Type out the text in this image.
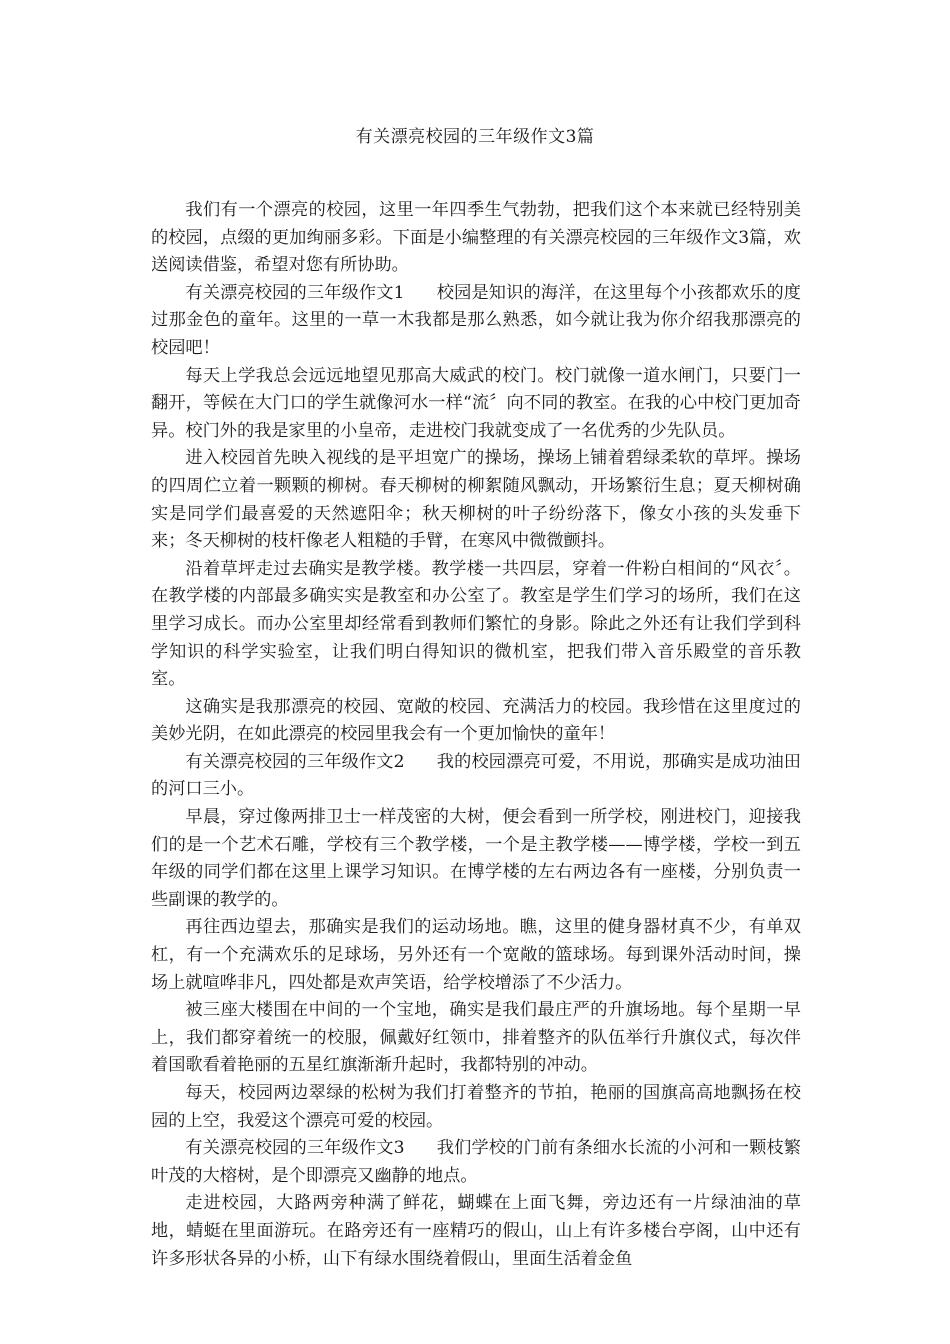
有关漂亮校园的三年级作文3篇

我们有一个漂亮的校园，这里一年四季生气勃勃，把我们这个本来就已经特别美的校园，点缀的更加绚丽多彩。下面是小编整理的有关漂亮校园的三年级作文3篇，欢送阅读借鉴，希望对您有所协助。

有关漂亮校园的三年级作文1 校园是知识的海洋，在这里每个小孩都欢乐的度过那金色的童年。这里的一草一木我都是那么熟悉，如今就让我为你介绍我那漂亮的校园吧！

每天上学我总会远远地望见那高大威武的校门。校门就像一道水闸门，只要门一翻开，等候在大门口的学生就像河水一样“流〞向不同的教室。在我的心中校门更加奇异。校门外的我是家里的小皇帝，走进校门我就变成了一名优秀的少先队员。

进入校园首先映入视线的是平坦宽广的操场，操场上铺着碧绿柔软的草坪。操场的四周伫立着一颗颗的柳树。春天柳树的柳絮随风飘动，开场繁衍生息；夏天柳树确实是同学们最喜爱的天然遮阳伞；秋天柳树的叶子纷纷落下，像女小孩的头发垂下来；冬天柳树的枝杆像老人粗糙的手臂，在寒风中微微颤抖。

沿着草坪走过去确实是教学楼。教学楼一共四层，穿着一件粉白相间的“风衣〞。在教学楼的内部最多确实实是教室和办公室了。教室是学生们学习的场所，我们在这里学习成长。而办公室里却经常看到教师们繁忙的身影。除此之外还有让我们学到科学知识的科学实验室，让我们明白得知识的微机室，把我们带入音乐殿堂的音乐教室。

这确实是我那漂亮的校园、宽敞的校园、充满活力的校园。我珍惜在这里度过的美妙光阴，在如此漂亮的校园里我会有一个更加愉快的童年！

有关漂亮校园的三年级作文2 我的校园漂亮可爱，不用说，那确实是成功油田的河口三小。

早晨，穿过像两排卫士一样茂密的大树，便会看到一所学校，刚进校门，迎接我们的是一个艺术石雕，学校有三个教学楼，一个是主教学楼——博学楼，学校一到五年级的同学们都在这里上课学习知识。在博学楼的左右两边各有一座楼，分别负责一些副课的教学的。

再往西边望去，那确实是我们的运动场地。瞧，这里的健身器材真不少，有单双杠，有一个充满欢乐的足球场，另外还有一个宽敞的篮球场。每到课外活动时间，操场上就喧哗非凡，四处都是欢声笑语，给学校增添了不少活力。

被三座大楼围在中间的一个宝地，确实是我们最庄严的升旗场地。每个星期一早上，我们都穿着统一的校服，佩戴好红领巾，排着整齐的队伍举行升旗仪式，每次伴着国歌看着艳丽的五星红旗渐渐升起时，我都特别的冲动。

每天，校园两边翠绿的松树为我们打着整齐的节拍，艳丽的国旗高高地飘扬在校园的上空，我爱这个漂亮可爱的校园。

有关漂亮校园的三年级作文3 我们学校的门前有条细水长流的小河和一颗枝繁叶茂的大榕树，是个即漂亮又幽静的地点。

走进校园，大路两旁种满了鲜花，蝴蝶在上面飞舞，旁边还有一片绿油油的草地，蜻蜓在里面游玩。在路旁还有一座精巧的假山，山上有许多楼台亭阁，山中还有许多形状各异的小桥，山下有绿水围绕着假山，里面生活着金鱼
